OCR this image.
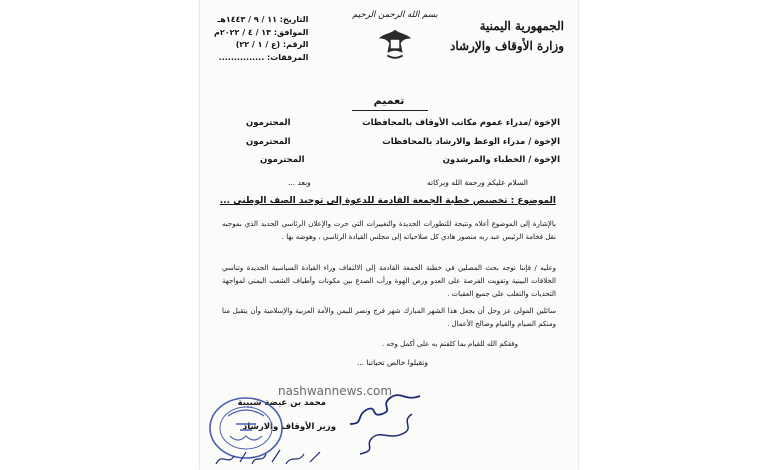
الجمهورية اليمنية
وزارة الأوقاف والإرشاد
بسم الله الرحمن الرحيم
التاريخ: ١١ / ٩ / ١٤٤٣هـ
الموافق: ١٣ / ٤ / ٢٠٢٢م
الرقم: (ع / ١ / ٢٢)
المرفقات: ...............
تعميم
الإخوة /مدراء عموم مكاتب الأوقاف بالمحافظات
المحترمون
الإخوة / مدراء الوعظ والارشاد بالمحافظات
المحترمون
الإخوة / الخطباء والمرشدون
المحترمون
السلام عليكم ورحمة الله وبركاته
وبعد ...
الموضوع : تخصيص خطبة الجمعة القادمة للدعوة إلى توحيد الصف الوطني ...
بالإشارة إلى الموضوع أعلاه ونتيجة للتطورات الجديدة والتغييرات التي جرت والإعلان الرئاسي الجديد الذي بموجبه نقل فخامة الرئيس عبد ربه منصور هادي كل صلاحياته إلى مجلس القيادة الرئاسي ، وهوضه بها .
وعليه / فإننا نوجه بحث المصلين في خطبة الجمعة القادمة إلى الالتفاف وراء القيادة السياسية الجديدة وتناسي الخلافات البينية وتفويت الفرصة على العدو ورص الهوة ورأب الصدع بين مكونات وأطياف الشعب اليمني لمواجهة التحديات والتغلب على جميع العقبات .
سائلين المولى عز وجل أن يجعل هذا الشهر المبارك شهر فرج ونصر لليمن والأمة العربية والإسلامية وأن يتقبل منا ومنكم الصيام والقيام وصالح الأعمال .
وفقكم الله للقيام بما كلفتم به على أكمل وجه .
وتقبلوا خالص تحياتنا ...
nashwannews.com
محمد بن عيضة شبيبة
وزير الأوقاف والارشاد
